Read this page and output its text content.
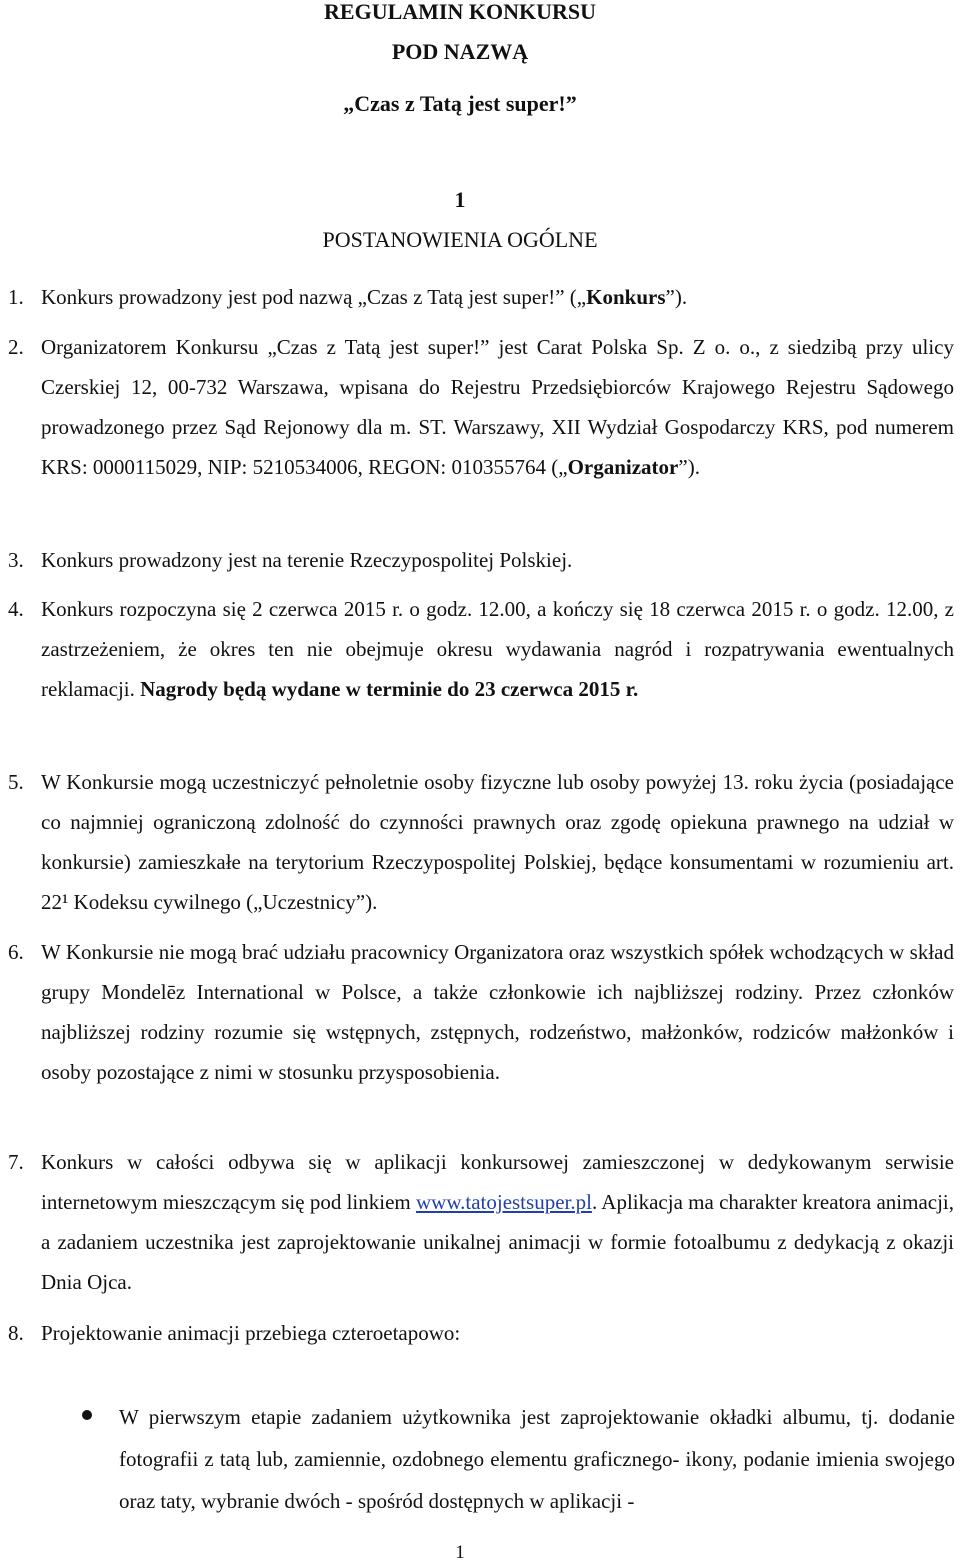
REGULAMIN KONKURSU
POD NAZWĄ
„Czas z Tatą jest super!”
1
POSTANOWIENIA OGÓLNE
1. Konkurs prowadzony jest pod nazwą „Czas z Tatą jest super!” („Konkurs”).
2. Organizatorem Konkursu „Czas z Tatą jest super!” jest Carat Polska Sp. Z o. o., z siedzibą przy ulicy Czerskiej 12, 00-732 Warszawa, wpisana do Rejestru Przedsiębiorców Krajowego Rejestru Sądowego prowadzonego przez Sąd Rejonowy dla m. ST. Warszawy, XII Wydział Gospodarczy KRS, pod numerem KRS: 0000115029, NIP: 5210534006, REGON: 010355764 („Organizator”).
3. Konkurs prowadzony jest na terenie Rzeczypospolitej Polskiej.
4. Konkurs rozpoczyna się 2 czerwca 2015 r. o godz. 12.00, a kończy się 18 czerwca 2015 r. o godz. 12.00, z zastrzeżeniem, że okres ten nie obejmuje okresu wydawania nagród i rozpatrywania ewentualnych reklamacji. Nagrody będą wydane w terminie do 23 czerwca 2015 r.
5. W Konkursie mogą uczestniczyć pełnoletnie osoby fizyczne lub osoby powyżej 13. roku życia (posiadające co najmniej ograniczoną zdolność do czynności prawnych oraz zgodę opiekuna prawnego na udział w konkursie) zamieszkałe na terytorium Rzeczypospolitej Polskiej, będące konsumentami w rozumieniu art. 22¹ Kodeksu cywilnego („Uczestnicy”).
6. W Konkursie nie mogą brać udziału pracownicy Organizatora oraz wszystkich spółek wchodzących w skład grupy Mondelēz International w Polsce, a także członkowie ich najbliższej rodziny. Przez członków najbliższej rodziny rozumie się wstępnych, zstępnych, rodzeństwo, małżonków, rodziców małżonków i osoby pozostające z nimi w stosunku przysposobienia.
7. Konkurs w całości odbywa się w aplikacji konkursowej zamieszczonej w dedykowanym serwisie internetowym mieszczącym się pod linkiem www.tatojestsuper.pl. Aplikacja ma charakter kreatora animacji, a zadaniem uczestnika jest zaprojektowanie unikalnej animacji w formie fotoalbumu z dedykacją z okazji Dnia Ojca.
8. Projektowanie animacji przebiega czteroetapowo:
W pierwszym etapie zadaniem użytkownika jest zaprojektowanie okładki albumu, tj. dodanie fotografii z tatą lub, zamiennie, ozdobnego elementu graficznego- ikony, podanie imienia swojego oraz taty, wybranie dwóch - spośród dostępnych w aplikacji -
1
